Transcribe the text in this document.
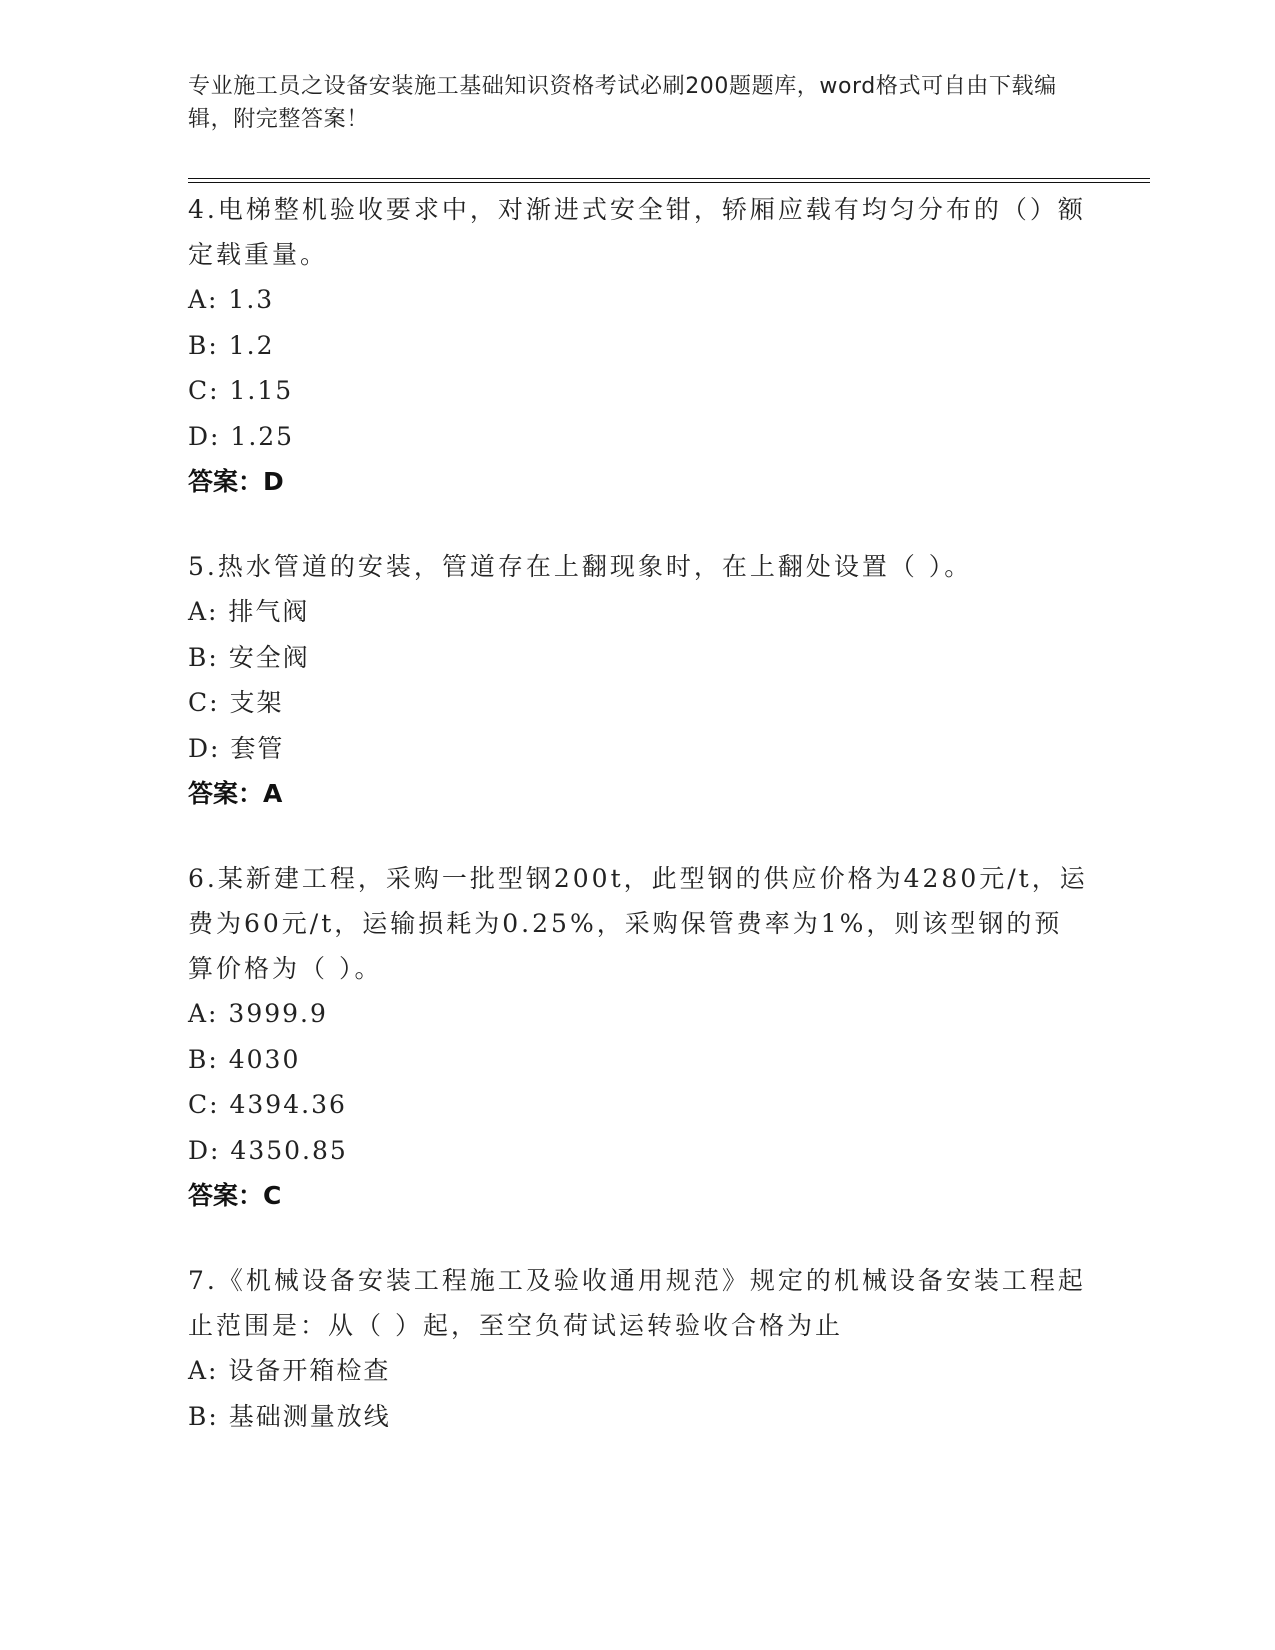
专业施工员之设备安装施工基础知识资格考试必刷200题题库，word格式可自由下载编辑，附完整答案！
4.电梯整机验收要求中，对渐进式安全钳，轿厢应载有均匀分布的（）额定载重量。
A: 1.3
B: 1.2
C: 1.15
D: 1.25
答案：D
5.热水管道的安装，管道存在上翻现象时，在上翻处设置（ ）。
A: 排气阀
B: 安全阀
C: 支架
D: 套管
答案：A
6.某新建工程，采购一批型钢200t，此型钢的供应价格为4280元/t，运费为60元/t，运输损耗为0.25%，采购保管费率为1%，则该型钢的预算价格为（ ）。
A: 3999.9
B: 4030
C: 4394.36
D: 4350.85
答案：C
7.《机械设备安装工程施工及验收通用规范》规定的机械设备安装工程起止范围是：从（ ）起，至空负荷试运转验收合格为止
A: 设备开箱检查
B: 基础测量放线
